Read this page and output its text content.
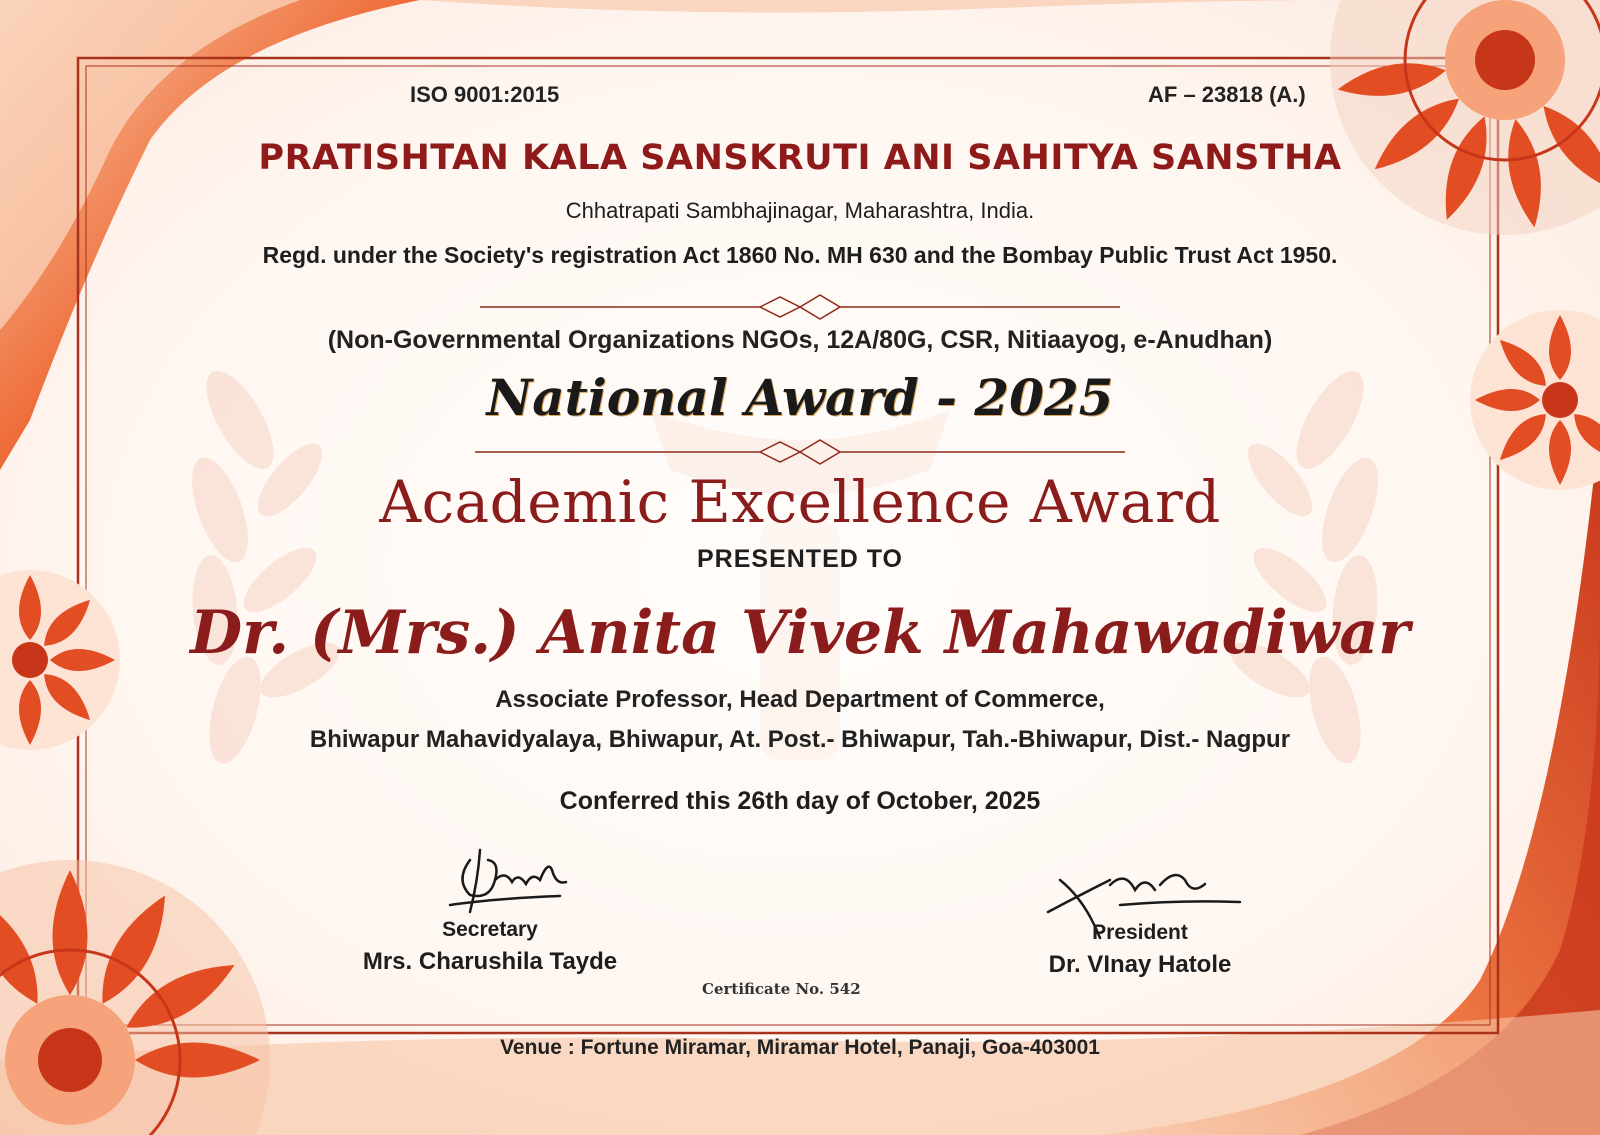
ISO 9001:2015	AF – 23818 (A.)
PRATISHTAN KALA SANSKRUTI ANI SAHITYA SANSTHA
Chhatrapati Sambhajinagar, Maharashtra, India.
Regd. under the Society's registration Act 1860 No. MH 630 and the Bombay Public Trust Act 1950.
(Non-Governmental Organizations NGOs, 12A/80G, CSR, Nitiaayog, e-Anudhan)
National Award - 2025
Academic Excellence Award
PRESENTED TO
Dr. (Mrs.) Anita Vivek Mahawadiwar
Associate Professor, Head Department of Commerce,
Bhiwapur Mahavidyalaya, Bhiwapur, At. Post.- Bhiwapur, Tah.-Bhiwapur, Dist.- Nagpur
Conferred this 26th day of October, 2025
Secretary
Mrs. Charushila Tayde
President
Dr. VInay Hatole
Certificate No. 542
Venue : Fortune Miramar, Miramar Hotel, Panaji, Goa-403001
